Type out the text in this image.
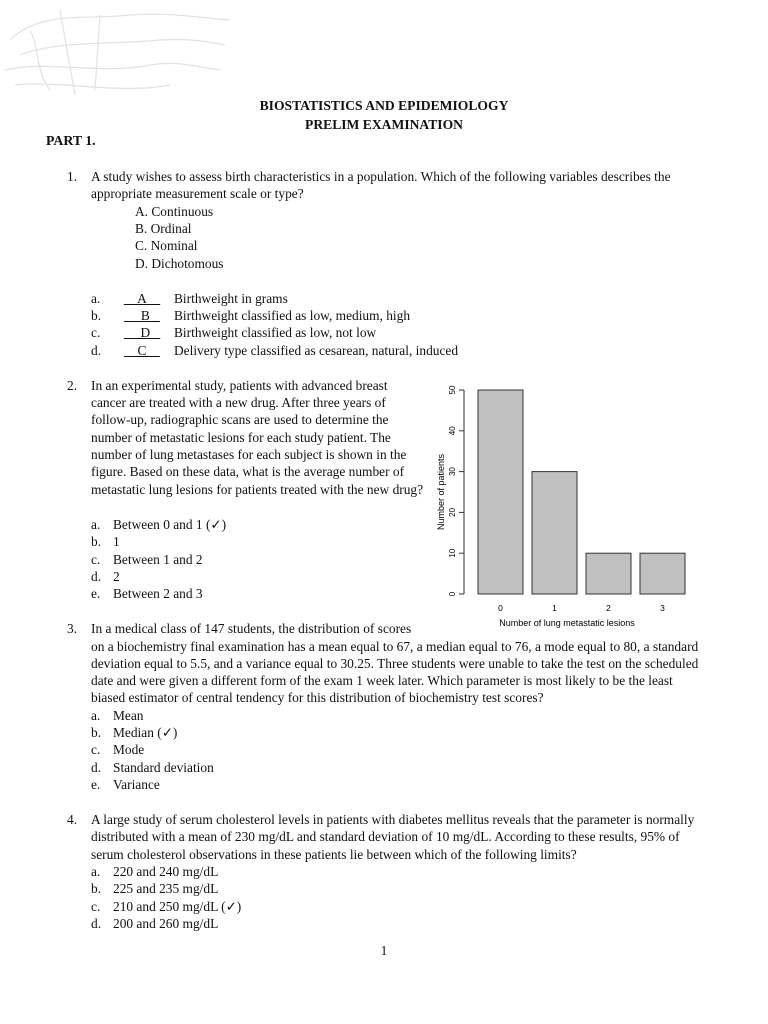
BIOSTATISTICS AND EPIDEMIOLOGY
PRELIM EXAMINATION
PART 1.
1. A study wishes to assess birth characteristics in a population. Which of the following variables describes the
appropriate measurement scale or type?
A. Continuous
B. Ordinal
C. Nominal
D. Dichotomous
a.	A	Birthweight in grams
b.	B	Birthweight classified as low, medium, high
c.	D	Birthweight classified as low, not low
d.	C	Delivery type classified as cesarean, natural, induced
2. In an experimental study, patients with advanced breast
cancer are treated with a new drug. After three years of
follow-up, radiographic scans are used to determine the
number of metastatic lesions for each study patient. The
number of lung metastases for each subject is shown in the
figure. Based on these data, what is the average number of
metastatic lung lesions for patients treated with the new drug?
a. Between 0 and 1 (✓)
b. 1
c. Between 1 and 2
d. 2
e. Between 2 and 3	0
10
20
30
40
50
0	1	2	3
Number of lung metastatic lesions
Number of patients
3. In a medical class of 147 students, the distribution of scores
on a biochemistry final examination has a mean equal to 67, a median equal to 76, a mode equal to 80, a standard
deviation equal to 5.5, and a variance equal to 30.25. Three students were unable to take the test on the scheduled
date and were given a different form of the exam 1 week later. Which parameter is most likely to be the least
biased estimator of central tendency for this distribution of biochemistry test scores?
a. Mean
b. Median (✓)
c. Mode
d. Standard deviation
e. Variance
4. A large study of serum cholesterol levels in patients with diabetes mellitus reveals that the parameter is normally
distributed with a mean of 230 mg/dL and standard deviation of 10 mg/dL. According to these results, 95% of
serum cholesterol observations in these patients lie between which of the following limits?
a. 220 and 240 mg/dL
b. 225 and 235 mg/dL
c. 210 and 250 mg/dL (✓)
d. 200 and 260 mg/dL
1
